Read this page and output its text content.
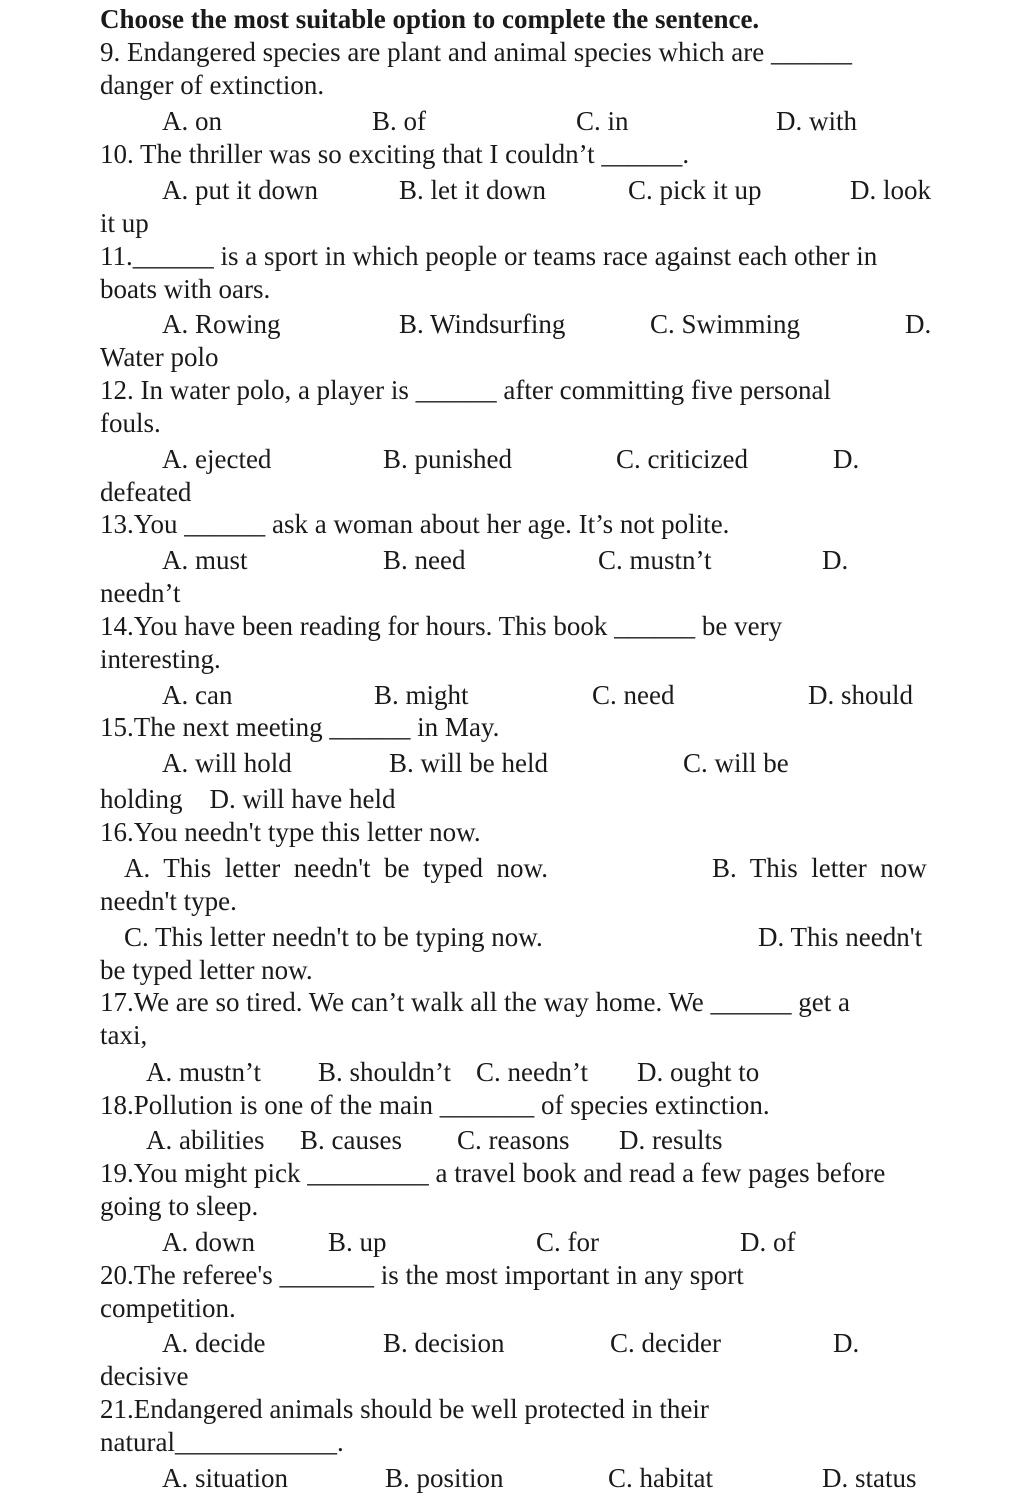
Choose the most suitable option to complete the sentence.
9. Endangered species are plant and animal species which are ______
danger of extinction.
A. on	B. of	C. in	D. with
10. The thriller was so exciting that I couldn’t ______.
A. put it down	B. let it down	C. pick it up	D. look
it up
11.______ is a sport in which people or teams race against each other in
boats with oars.
A. Rowing	B. Windsurfing	C. Swimming	D.
Water polo
12. In water polo, a player is ______ after committing five personal
fouls.
A. ejected	B. punished	C. criticized	D.
defeated
13.You ______ ask a woman about her age. It’s not polite.
A. must	B. need	C. mustn’t	D.
needn’t
14.You have been reading for hours. This book ______ be very
interesting.
A. can	B. might	C. need	D. should
15.The next meeting ______ in May.
A. will hold	B. will be held	C. will be
holding    D. will have held
16.You needn't type this letter now.
A.  This  letter  needn't  be  typed  now.	B.  This  letter  now
needn't type.
C. This letter needn't to be typing now.	D. This needn't
be typed letter now.
17.We are so tired. We can’t walk all the way home. We ______ get a
taxi,
A. mustn’t B. shouldn’t C. needn’t D. ought to
18.Pollution is one of the main _______ of species extinction.
A. abilities B. causes C. reasons D. results
19.You might pick _________ a travel book and read a few pages before
going to sleep.
A. down	B. up	C. for	D. of
20.The referee's _______ is the most important in any sport
competition.
A. decide	B. decision	C. decider	D.
decisive
21.Endangered animals should be well protected in their
natural____________.
A. situation	B. position	C. habitat	D. status
